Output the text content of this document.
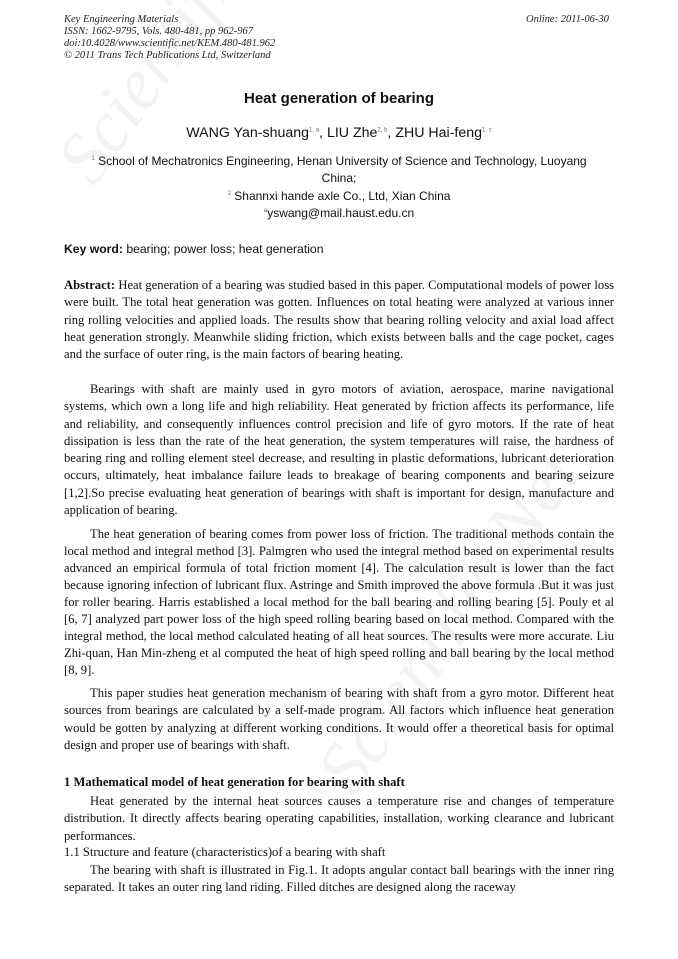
Key Engineering Materials
ISSN: 1662-9795, Vols. 480-481, pp 962-967
doi:10.4028/www.scientific.net/KEM.480-481.962
© 2011 Trans Tech Publications Ltd, Switzerland
Online: 2011-06-30
Heat generation of bearing
WANG Yan-shuang$^{1, a}$, LIU Zhe$^{2, b}$, ZHU Hai-feng$^{1, c}$
$^1$ School of Mechatronics Engineering, Henan University of Science and Technology, Luoyang
China;
$^2$ Shannxi hande axle Co., Ltd, Xian China
$^a$yswang@mail.haust.edu.cn
Key word: bearing; power loss; heat generation

Abstract: Heat generation of a bearing was studied based in this paper. Computational models of power loss were built. The total heat generation was gotten. Influences on total heating were analyzed at various inner ring rolling velocities and applied loads. The results show that bearing rolling velocity and axial load affect heat generation strongly. Meanwhile sliding friction, which exists between balls and the cage pocket, cages and the surface of outer ring, is the main factors of bearing heating.

Bearings with shaft are mainly used in gyro motors of aviation, aerospace, marine navigational systems, which own a long life and high reliability. Heat generated by friction affects its performance, life and reliability, and consequently influences control precision and life of gyro motors. If the rate of heat dissipation is less than the rate of the heat generation, the system temperatures will raise, the hardness of bearing ring and rolling element steel decrease, and resulting in plastic deformations, lubricant deterioration occurs, ultimately, heat imbalance failure leads to breakage of bearing components and bearing seizure [1,2].So precise evaluating heat generation of bearings with shaft is important for design, manufacture and application of bearing.

The heat generation of bearing comes from power loss of friction. The traditional methods contain the local method and integral method [3]. Palmgren who used the integral method based on experimental results advanced an empirical formula of total friction moment [4]. The calculation result is lower than the fact because ignoring infection of lubricant flux. Astringe and Smith improved the above formula .But it was just for roller bearing. Harris established a local method for the ball bearing and rolling bearing [5]. Pouly et al [6, 7] analyzed part power loss of the high speed rolling bearing based on local method. Compared with the integral method, the local method calculated heating of all heat sources. The results were more accurate. Liu Zhi-quan, Han Min-zheng et al computed the heat of high speed rolling and ball bearing by the local method [8, 9].

This paper studies heat generation mechanism of bearing with shaft from a gyro motor. Different heat sources from bearings are calculated by a self-made program. All factors which influence heat generation would be gotten by analyzing at different working conditions. It would offer a theoretical basis for optimal design and proper use of bearings with shaft.

1 Mathematical model of heat generation for bearing with shaft

Heat generated by the internal heat sources causes a temperature rise and changes of temperature distribution. It directly affects bearing operating capabilities, installation, working clearance and lubricant performances.

1.1 Structure and feature (characteristics)of a bearing with shaft

The bearing with shaft is illustrated in Fig.1. It adopts angular contact ball bearings with the inner ring separated. It takes an outer ring land riding. Filled ditches are designed along the raceway
